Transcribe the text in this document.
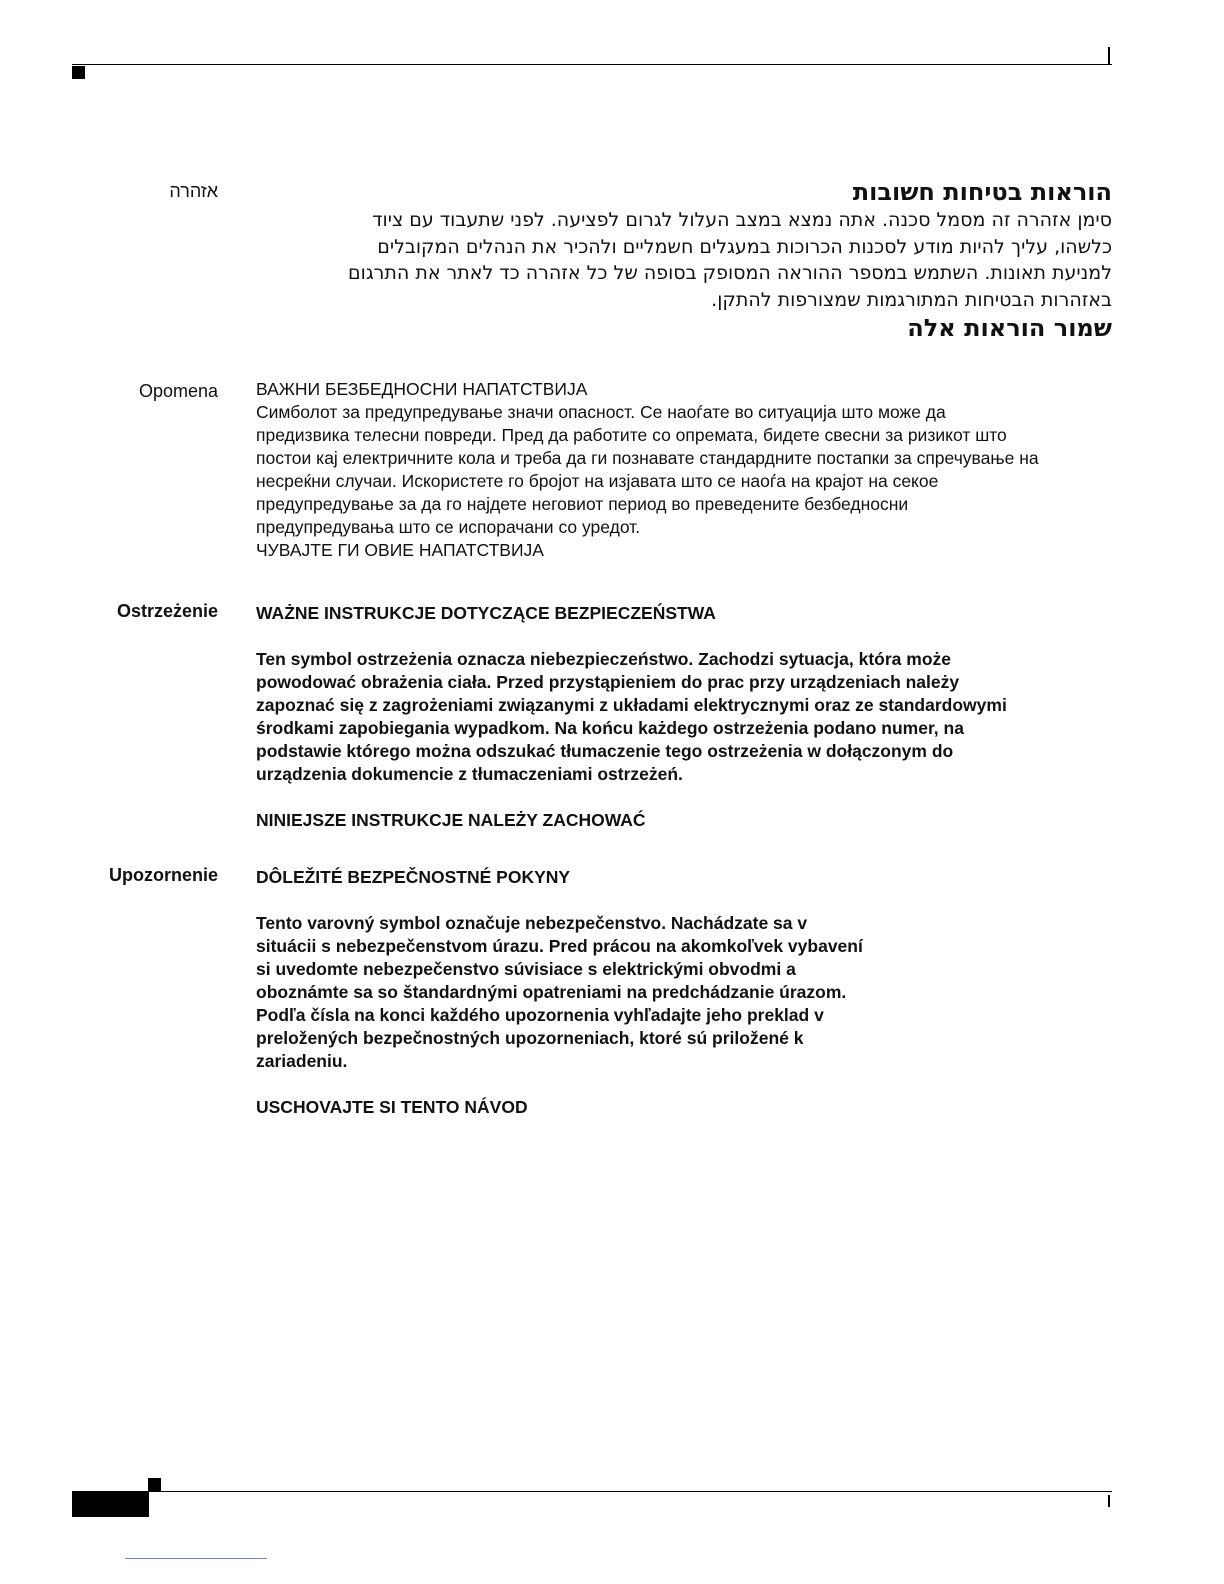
אזהרה	הוראות בטיחות חשובות
סימן אזהרה זה מסמל סכנה. אתה נמצא במצב העלול לגרום לפציעה. לפני שתעבוד עם ציוד
כלשהו, עליך להיות מודע לסכנות הכרוכות במעגלים חשמליים ולהכיר את הנהלים המקובלים
למניעת תאונות. השתמש במספר ההוראה המסופק בסופה של כל אזהרה כד לאתר את התרגום
באזהרות הבטיחות המתורגמות שמצורפות להתקן.
שמור הוראות אלה
Opomena ВАЖНИ БЕЗБЕДНОСНИ НАПАТСТВИЈА

Симболот за предупредување значи опасност. Се наоѓате во ситуација што може да

предизвика телесни повреди. Пред да работите со опремата, бидете свесни за ризикот што

постои кај електричните кола и треба да ги познавате стандардните постапки за спречување на

несреќни случаи. Искористете го бројот на изјавата што се наоѓа на крајот на секое

предупредување за да го најдете неговиот период во преведените безбедносни

предупредувања што се испорачани со уредот.

ЧУВАЈТЕ ГИ ОВИЕ НАПАТСТВИЈА

Ostrzeżenie WAŻNE INSTRUKCJE DOTYCZĄCE BEZPIECZEŃSTWA

Ten symbol ostrzeżenia oznacza niebezpieczeństwo. Zachodzi sytuacja, która może

powodować obrażenia ciała. Przed przystąpieniem do prac przy urządzeniach należy

zapoznać się z zagrożeniami związanymi z układami elektrycznymi oraz ze standardowymi

środkami zapobiegania wypadkom. Na końcu każdego ostrzeżenia podano numer, na

podstawie którego można odszukać tłumaczenie tego ostrzeżenia w dołączonym do

urządzenia dokumencie z tłumaczeniami ostrzeżeń.

NINIEJSZE INSTRUKCJE NALEŻY ZACHOWAĆ

Upozornenie DÔLEŽITÉ BEZPEČNOSTNÉ POKYNY

Tento varovný symbol označuje nebezpečenstvo. Nachádzate sa v

situácii s nebezpečenstvom úrazu. Pred prácou na akomkoľvek vybavení

si uvedomte nebezpečenstvo súvisiace s elektrickými obvodmi a

oboznámte sa so štandardnými opatreniami na predchádzanie úrazom.

Podľa čísla na konci každého upozornenia vyhľadajte jeho preklad v

preložených bezpečnostných upozorneniach, ktoré sú priložené k

zariadeniu.

USCHOVAJTE SI TENTO NÁVOD
